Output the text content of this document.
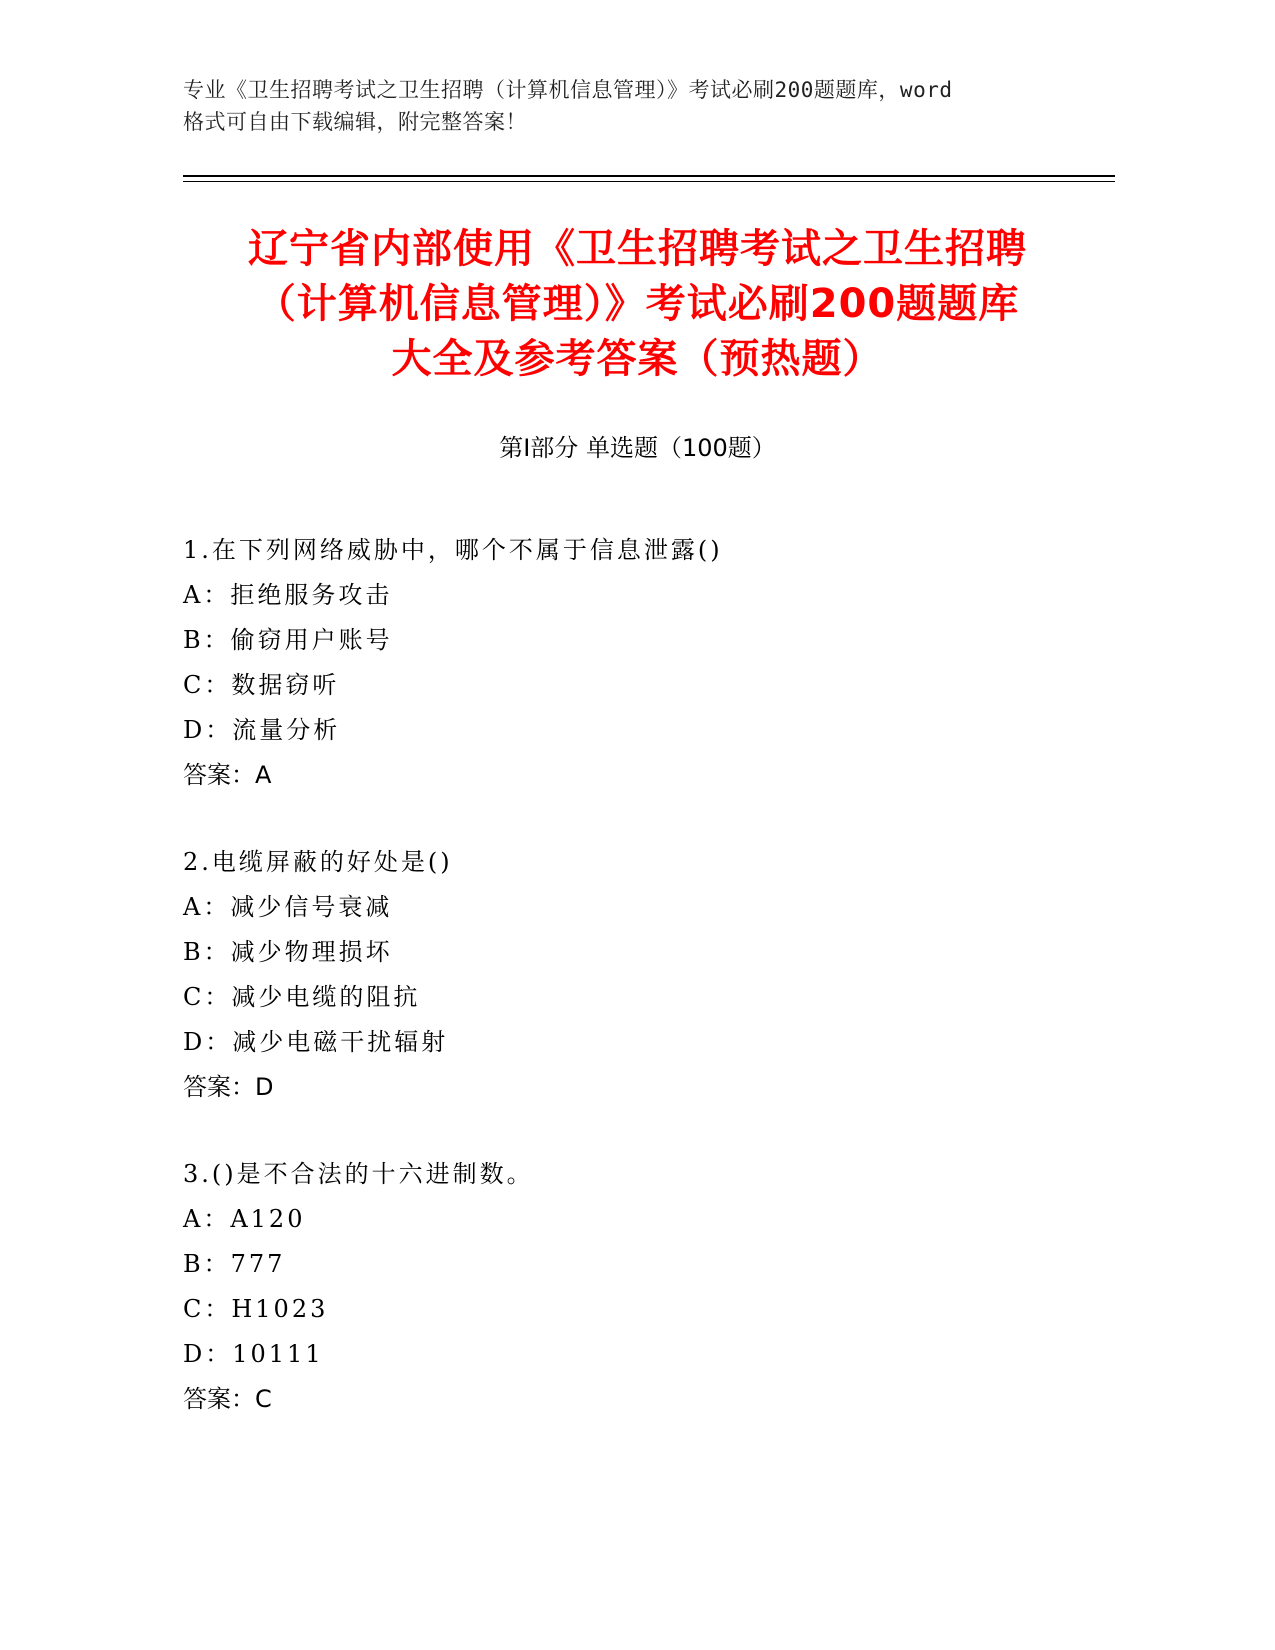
专业《卫生招聘考试之卫生招聘（计算机信息管理）》考试必刷200题题库，word
格式可自由下载编辑，附完整答案！
辽宁省内部使用《卫生招聘考试之卫生招聘
（计算机信息管理）》考试必刷200题题库
大全及参考答案（预热题）
第Ⅰ部分 单选题（100题）
1.在下列网络威胁中，哪个不属于信息泄露()
A：拒绝服务攻击
B：偷窃用户账号
C：数据窃听
D：流量分析
答案：A
2.电缆屏蔽的好处是()
A：减少信号衰减
B：减少物理损坏
C：减少电缆的阻抗
D：减少电磁干扰辐射
答案：D
3.()是不合法的十六进制数。
A：A120
B：777
C：H1023
D：10111
答案：C
